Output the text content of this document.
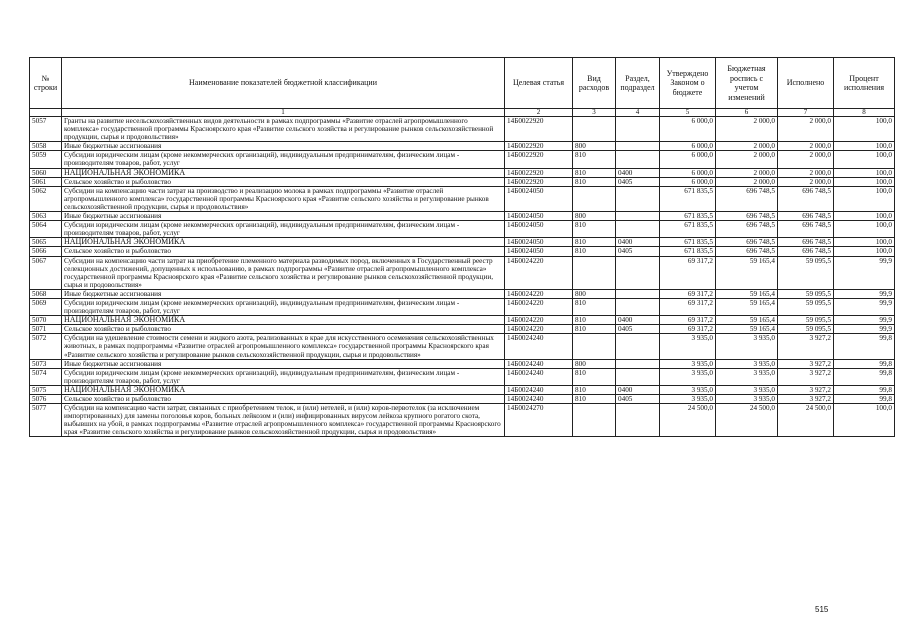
№ строки	Наименование показателей бюджетной классификации	Целевая статья	Вид расходов	Раздел, подраздел	Утверждено Законом о бюджете	Бюджетная роспись с учетом изменений	Исполнено	Процент исполнения
	1	2	3	4	5	6	7	8
5057	Гранты на развитие несельскохозяйственных видов деятельности в рамках подпрограммы «Развитие отраслей агропромышленного комплекса» государственной программы Красноярского края «Развитие сельского хозяйства и регулирование рынков сельскохозяйственной продукции, сырья и продовольствия»	14Б0022920			6 000,0	2 000,0	2 000,0	100,0
5058	Иные бюджетные ассигнования	14Б0022920	800		6 000,0	2 000,0	2 000,0	100,0
5059	Субсидии юридическим лицам (кроме некоммерческих организаций), индивидуальным предпринимателям, физическим лицам - производителям товаров, работ, услуг	14Б0022920	810		6 000,0	2 000,0	2 000,0	100,0
5060	НАЦИОНАЛЬНАЯ ЭКОНОМИКА	14Б0022920	810	0400	6 000,0	2 000,0	2 000,0	100,0
5061	Сельское хозяйство и рыболовство	14Б0022920	810	0405	6 000,0	2 000,0	2 000,0	100,0
5062	Субсидии на компенсацию части затрат на производство и реализацию молока в рамках подпрограммы «Развитие отраслей агропромышленного комплекса» государственной программы Красноярского края «Развитие сельского хозяйства и регулирование рынков сельскохозяйственной продукции, сырья и продовольствия»	14Б0024050			671 835,5	696 748,5	696 748,5	100,0
5063	Иные бюджетные ассигнования	14Б0024050	800		671 835,5	696 748,5	696 748,5	100,0
5064	Субсидии юридическим лицам (кроме некоммерческих организаций), индивидуальным предпринимателям, физическим лицам - производителям товаров, работ, услуг	14Б0024050	810		671 835,5	696 748,5	696 748,5	100,0
5065	НАЦИОНАЛЬНАЯ ЭКОНОМИКА	14Б0024050	810	0400	671 835,5	696 748,5	696 748,5	100,0
5066	Сельское хозяйство и рыболовство	14Б0024050	810	0405	671 835,5	696 748,5	696 748,5	100,0
5067	Субсидии на компенсацию части затрат на приобретение племенного материала разводимых пород, включенных в Государственный реестр селекционных достижений, допущенных к использованию, в рамках подпрограммы «Развитие отраслей агропромышленного комплекса» государственной программы Красноярского края «Развитие сельского хозяйства и регулирование рынков сельскохозяйственной продукции, сырья и продовольствия»	14Б0024220			69 317,2	59 165,4	59 095,5	99,9
5068	Иные бюджетные ассигнования	14Б0024220	800		69 317,2	59 165,4	59 095,5	99,9
5069	Субсидии юридическим лицам (кроме некоммерческих организаций), индивидуальным предпринимателям, физическим лицам - производителям товаров, работ, услуг	14Б0024220	810		69 317,2	59 165,4	59 095,5	99,9
5070	НАЦИОНАЛЬНАЯ ЭКОНОМИКА	14Б0024220	810	0400	69 317,2	59 165,4	59 095,5	99,9
5071	Сельское хозяйство и рыболовство	14Б0024220	810	0405	69 317,2	59 165,4	59 095,5	99,9
5072	Субсидии на удешевление стоимости семени и жидкого азота, реализованных в крае для искусственного осеменения сельскохозяйственных животных, в рамках подпрограммы «Развитие отраслей агропромышленного комплекса» государственной программы Красноярского края «Развитие сельского хозяйства и регулирование рынков сельскохозяйственной продукции, сырья и продовольствия»	14Б0024240			3 935,0	3 935,0	3 927,2	99,8
5073	Иные бюджетные ассигнования	14Б0024240	800		3 935,0	3 935,0	3 927,2	99,8
5074	Субсидии юридическим лицам (кроме некоммерческих организаций), индивидуальным предпринимателям, физическим лицам - производителям товаров, работ, услуг	14Б0024240	810		3 935,0	3 935,0	3 927,2	99,8
5075	НАЦИОНАЛЬНАЯ ЭКОНОМИКА	14Б0024240	810	0400	3 935,0	3 935,0	3 927,2	99,8
5076	Сельское хозяйство и рыболовство	14Б0024240	810	0405	3 935,0	3 935,0	3 927,2	99,8
5077	Субсидии на компенсацию части затрат, связанных с приобретением телок, и (или) нетелей, и (или) коров-первотелок (за исключением импортированных) для замены поголовья коров, больных лейкозом и (или) инфицированных вирусом лейкоза крупного рогатого скота, выбывших на убой, в рамках подпрограммы «Развитие отраслей агропромышленного комплекса» государственной программы Красноярского края «Развитие сельского хозяйства и регулирование рынков сельскохозяйственной продукции, сырья и продовольствия»	14Б0024270			24 500,0	24 500,0	24 500,0	100,0
515
